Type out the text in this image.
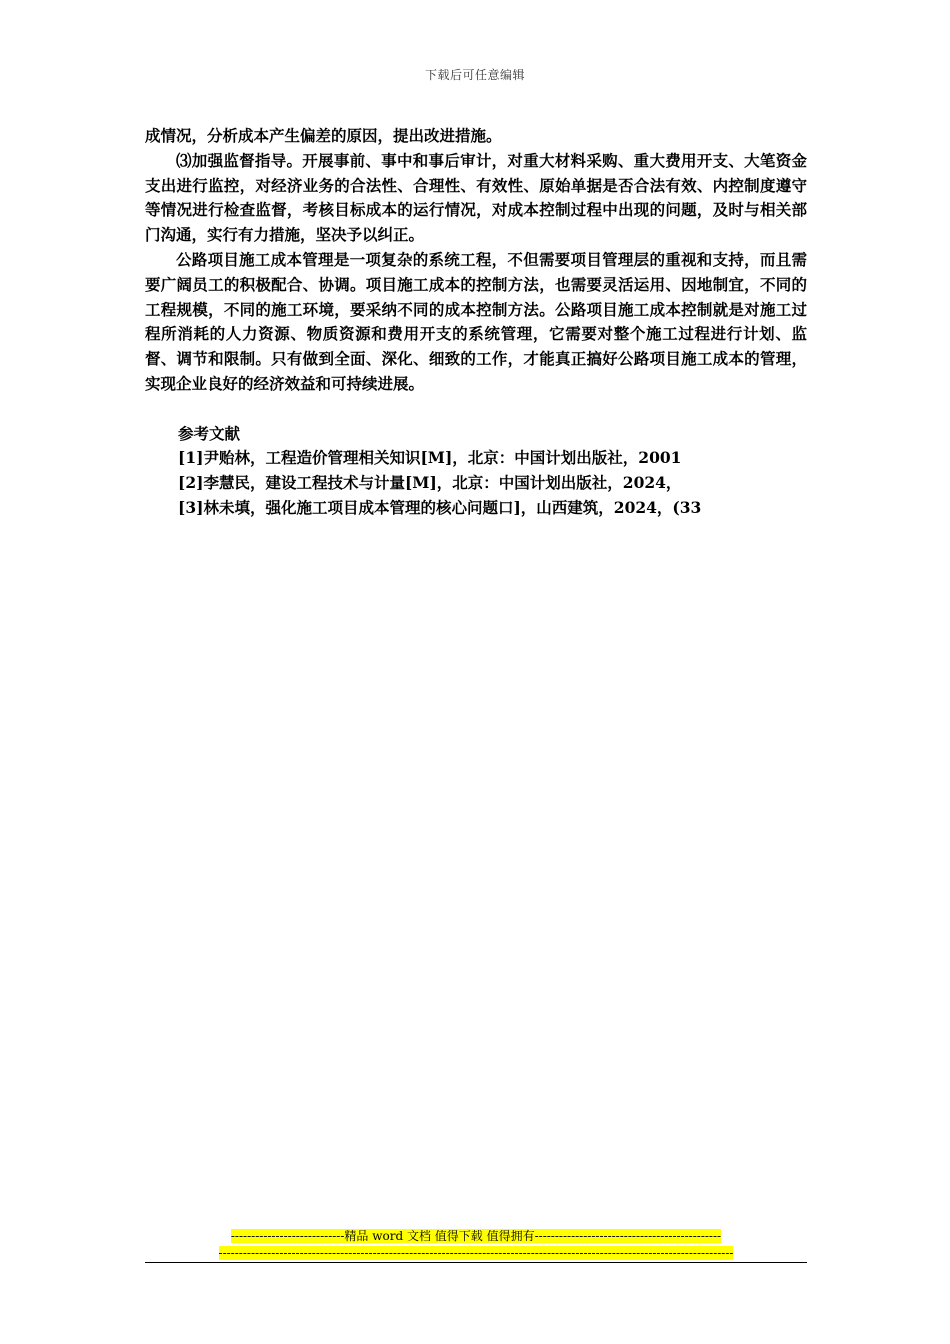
下载后可任意编辑

成情况，分析成本产生偏差的原因，提出改进措施。

⑶加强监督指导。开展事前、事中和事后审计，对重大材料采购、重大费用开支、大笔资金支出进行监控，对经济业务的合法性、合理性、有效性、原始单据是否合法有效、内控制度遵守等情况进行检查监督，考核目标成本的运行情况，对成本控制过程中出现的问题，及时与相关部门沟通，实行有力措施，坚决予以纠正。

公路项目施工成本管理是一项复杂的系统工程，不但需要项目管理层的重视和支持，而且需要广阔员工的积极配合、协调。项目施工成本的控制方法，也需要灵活运用、因地制宜，不同的工程规模，不同的施工环境，要采纳不同的成本控制方法。公路项目施工成本控制就是对施工过程所消耗的人力资源、物质资源和费用开支的系统管理，它需要对整个施工过程进行计划、监督、调节和限制。只有做到全面、深化、细致的工作，才能真正搞好公路项目施工成本的管理，实现企业良好的经济效益和可持续进展。

参考文献

[1]尹贻林，工程造价管理相关知识[M]，北京：中国计划出版社，2001

[2]李慧民，建设工程技术与计量[M]，北京：中国计划出版社，2024，

[3]林未填，强化施工项目成本管理的核心问题口]，山西建筑，2024，(33

----------------------------精品 word 文档 值得下载 值得拥有----------------------------------------------
-------------------------------------------------------------------------------------------------------------------------------
